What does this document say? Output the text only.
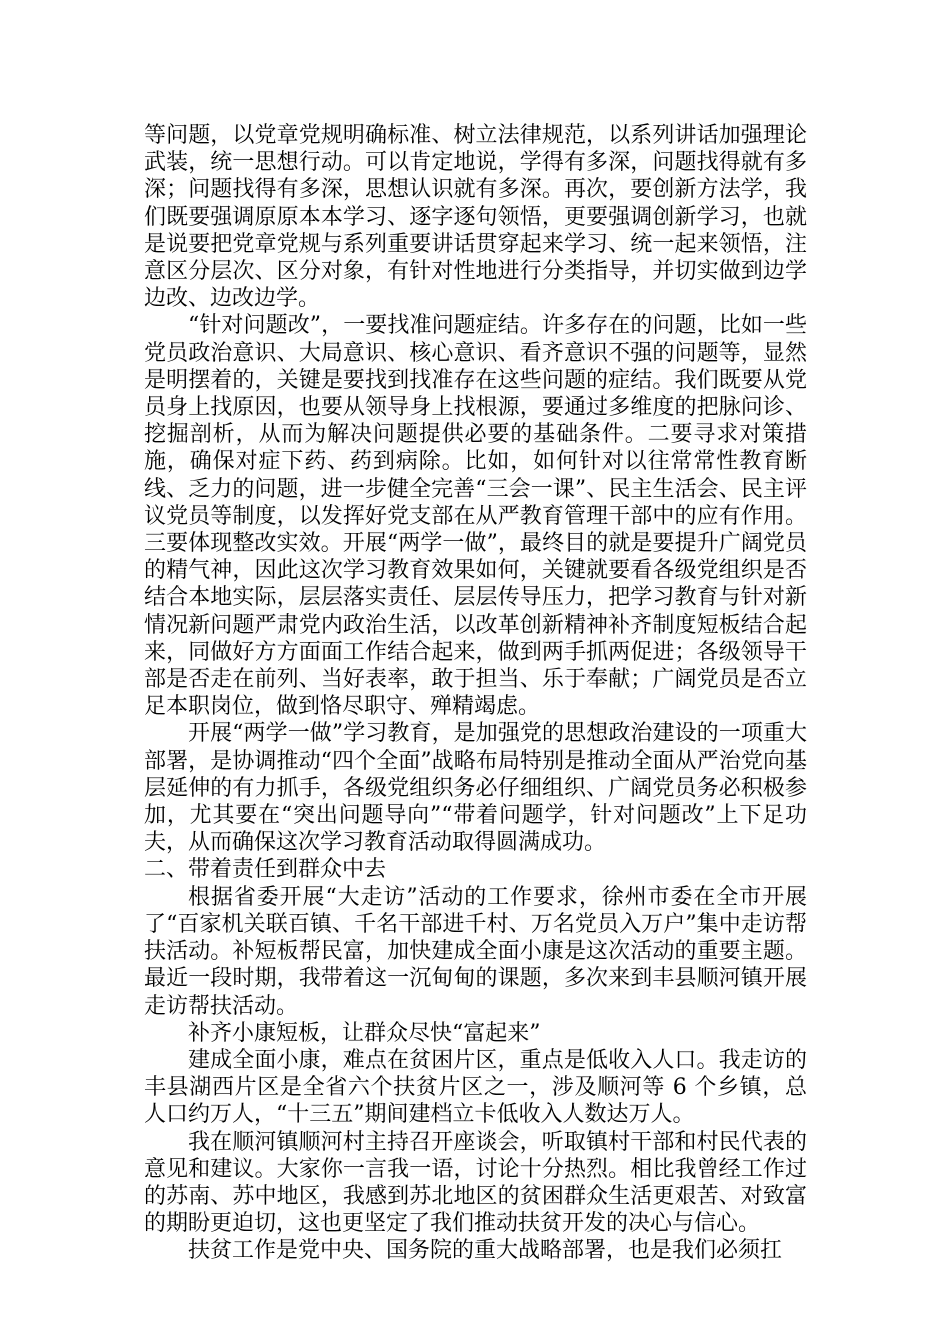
等问题，以党章党规明确标准、树立法律规范，以系列讲话加强理论武装，统一思想行动。可以肯定地说，学得有多深，问题找得就有多深；问题找得有多深，思想认识就有多深。再次，要创新方法学，我们既要强调原原本本学习、逐字逐句领悟，更要强调创新学习，也就是说要把党章党规与系列重要讲话贯穿起来学习、统一起来领悟，注意区分层次、区分对象，有针对性地进行分类指导，并切实做到边学边改、边改边学。

“针对问题改”，一要找准问题症结。许多存在的问题，比如一些党员政治意识、大局意识、核心意识、看齐意识不强的问题等，显然是明摆着的，关键是要找到找准存在这些问题的症结。我们既要从党员身上找原因，也要从领导身上找根源，要通过多维度的把脉问诊、挖掘剖析，从而为解决问题提供必要的基础条件。二要寻求对策措施，确保对症下药、药到病除。比如，如何针对以往常常性教育断线、乏力的问题，进一步健全完善“三会一课”、民主生活会、民主评议党员等制度，以发挥好党支部在从严教育管理干部中的应有作用。三要体现整改实效。开展“两学一做”，最终目的就是要提升广阔党员的精气神，因此这次学习教育效果如何，关键就要看各级党组织是否结合本地实际，层层落实责任、层层传导压力，把学习教育与针对新情况新问题严肃党内政治生活，以改革创新精神补齐制度短板结合起来，同做好方方面面工作结合起来，做到两手抓两促进；各级领导干部是否走在前列、当好表率，敢于担当、乐于奉献；广阔党员是否立足本职岗位，做到恪尽职守、殚精竭虑。

开展“两学一做”学习教育，是加强党的思想政治建设的一项重大部署，是协调推动“四个全面”战略布局特别是推动全面从严治党向基层延伸的有力抓手，各级党组织务必仔细组织、广阔党员务必积极参加，尤其要在“突出问题导向”“带着问题学，针对问题改”上下足功夫，从而确保这次学习教育活动取得圆满成功。

二、带着责任到群众中去

根据省委开展“大走访”活动的工作要求，徐州市委在全市开展了“百家机关联百镇、千名干部进千村、万名党员入万户”集中走访帮扶活动。补短板帮民富，加快建成全面小康是这次活动的重要主题。最近一段时期，我带着这一沉甸甸的课题，多次来到丰县顺河镇开展走访帮扶活动。

补齐小康短板，让群众尽快“富起来”

建成全面小康，难点在贫困片区，重点是低收入人口。我走访的丰县湖西片区是全省六个扶贫片区之一，涉及顺河等 6 个乡镇，总人口约万人，“十三五”期间建档立卡低收入人数达万人。

我在顺河镇顺河村主持召开座谈会，听取镇村干部和村民代表的意见和建议。大家你一言我一语，讨论十分热烈。相比我曾经工作过的苏南、苏中地区，我感到苏北地区的贫困群众生活更艰苦、对致富的期盼更迫切，这也更坚定了我们推动扶贫开发的决心与信心。

扶贫工作是党中央、国务院的重大战略部署，也是我们必须扛
